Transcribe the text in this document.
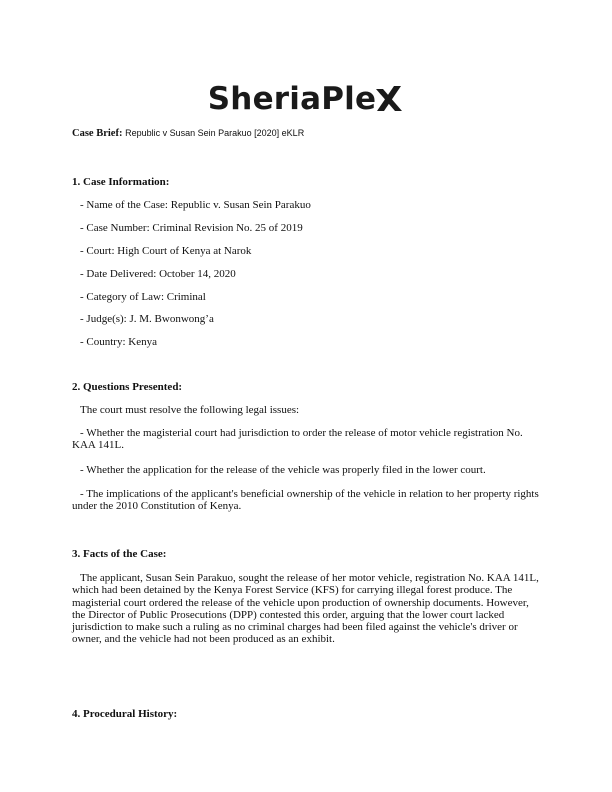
SheriaPle
Case Brief: Republic v Susan Sein Parakuo [2020] eKLR
1. Case Information:
- Name of the Case: Republic v. Susan Sein Parakuo
- Case Number: Criminal Revision No. 25 of 2019
- Court: High Court of Kenya at Narok
- Date Delivered: October 14, 2020
- Category of Law: Criminal
- Judge(s): J. M. Bwonwong’a
- Country: Kenya
2. Questions Presented:
The court must resolve the following legal issues:

- Whether the magisterial court had jurisdiction to order the release of motor vehicle registration No. KAA 141L.

- Whether the application for the release of the vehicle was properly filed in the lower court.

- The implications of the applicant's beneficial ownership of the vehicle in relation to her property rights under the 2010 Constitution of Kenya.

3. Facts of the Case:

The applicant, Susan Sein Parakuo, sought the release of her motor vehicle, registration No. KAA 141L, which had been detained by the Kenya Forest Service (KFS) for carrying illegal forest produce. The magisterial court ordered the release of the vehicle upon production of ownership documents. However, the Director of Public Prosecutions (DPP) contested this order, arguing that the lower court lacked jurisdiction to make such a ruling as no criminal charges had been filed against the vehicle's driver or owner, and the vehicle had not been produced as an exhibit.

4. Procedural History:
